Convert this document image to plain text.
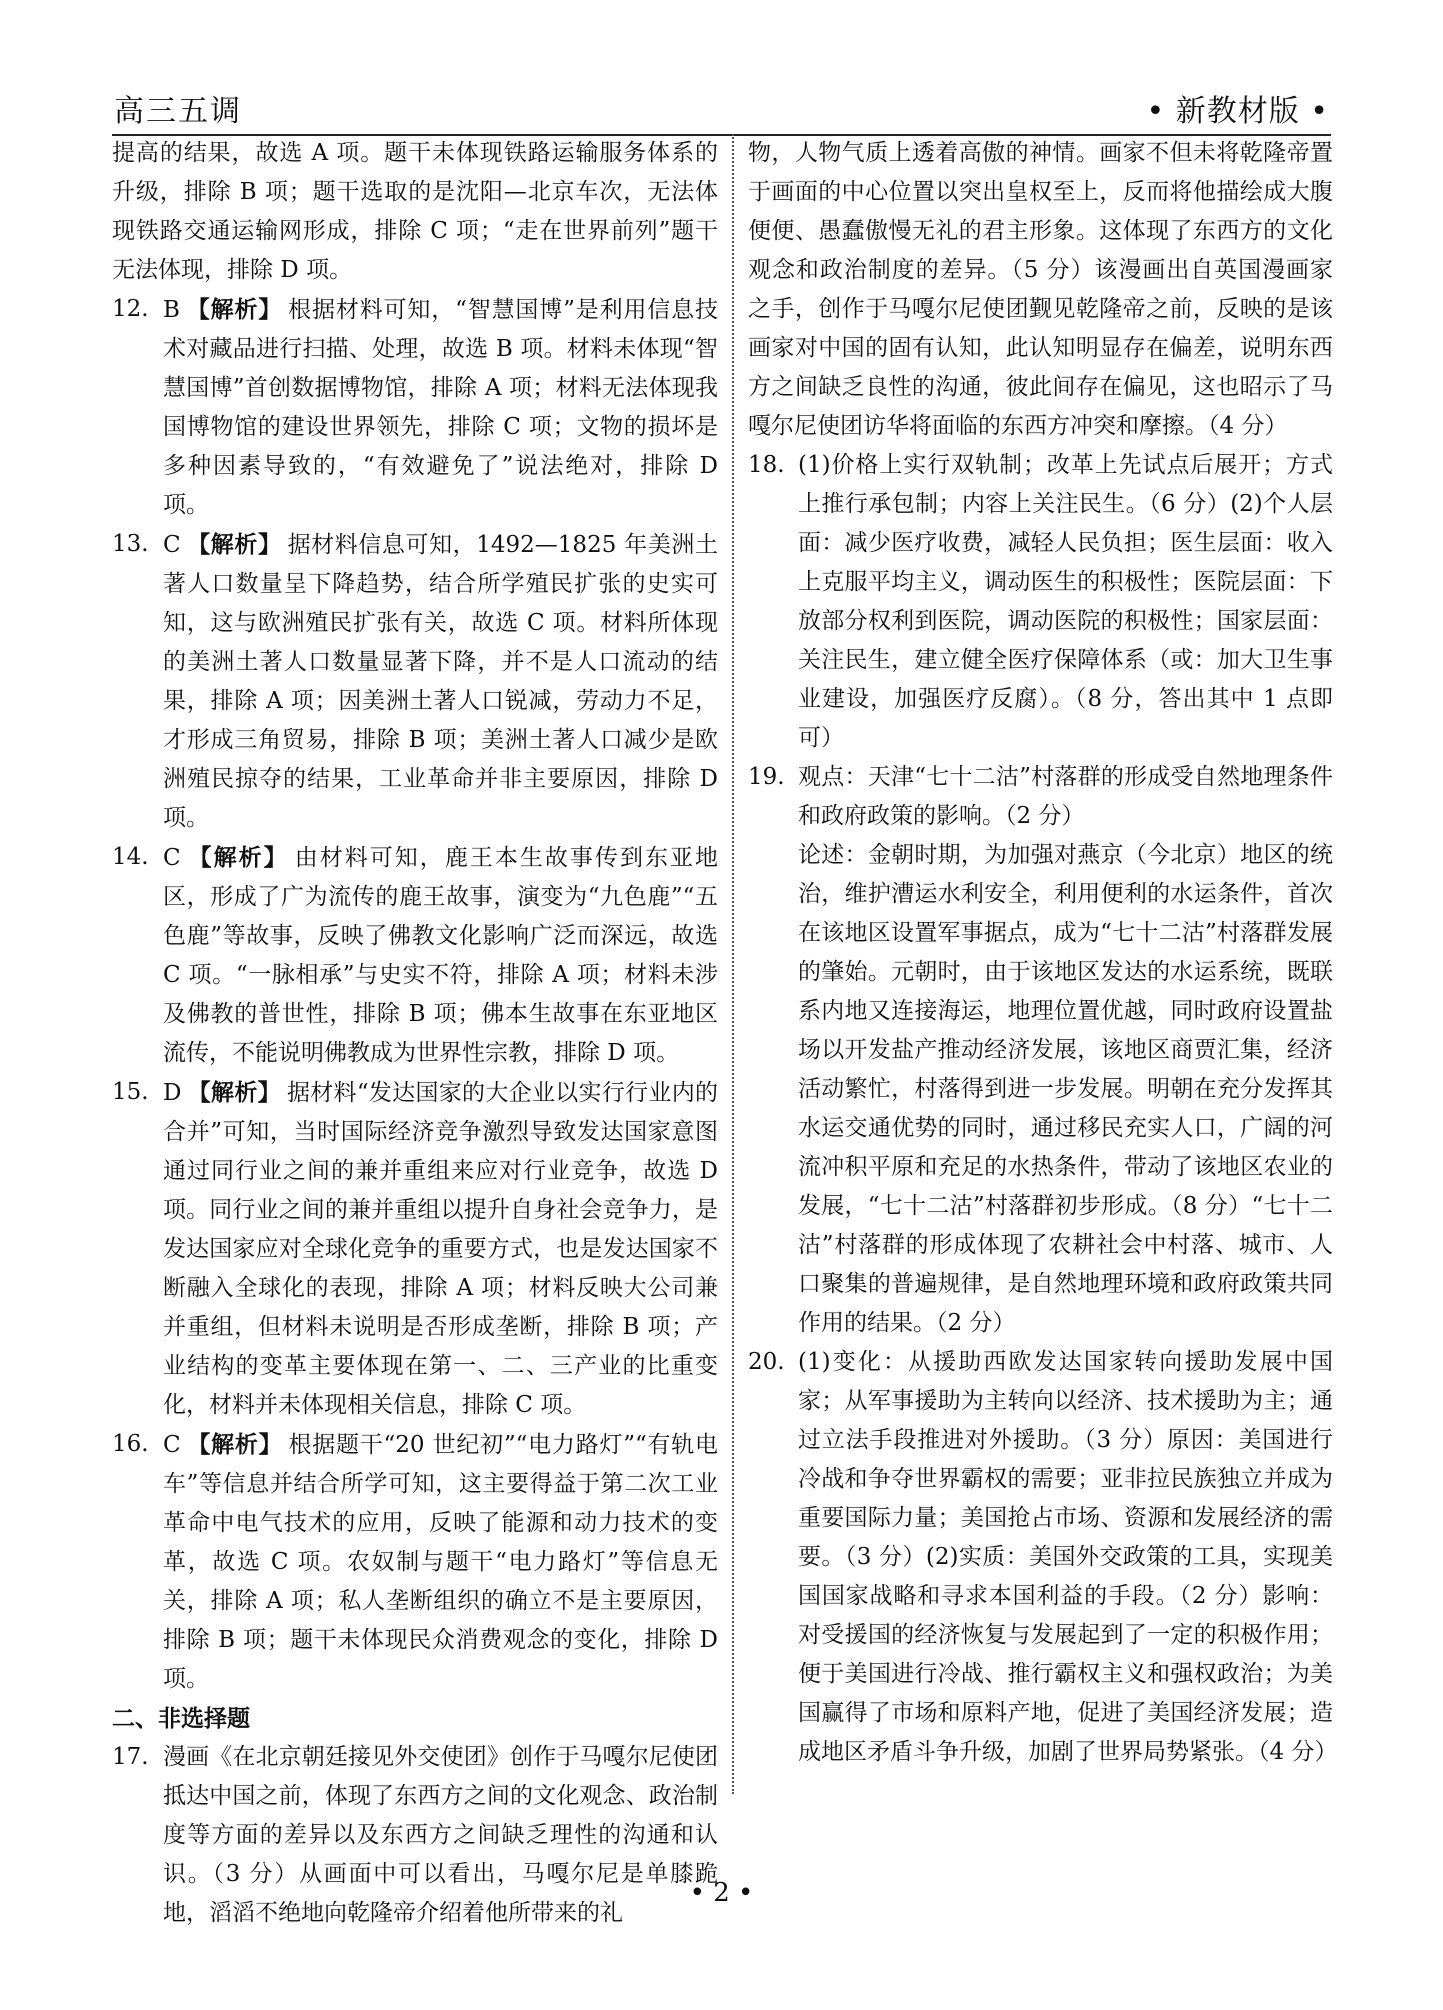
高三五调	• 新教材版 •

提高的结果，故选 A 项。题干未体现铁路运输服务体系的升级，排除 B 项；题干选取的是沈阳—北京车次，无法体现铁路交通运输网形成，排除 C 项；“走在世界前列”题干无法体现，排除 D 项。

12. B 【解析】 根据材料可知，“智慧国博”是利用信息技术对藏品进行扫描、处理，故选 B 项。材料未体现“智慧国博”首创数据博物馆，排除 A 项；材料无法体现我国博物馆的建设世界领先，排除 C 项；文物的损坏是多种因素导致的，“有效避免了”说法绝对，排除 D 项。
13. C 【解析】 据材料信息可知，1492—1825 年美洲土著人口数量呈下降趋势，结合所学殖民扩张的史实可知，这与欧洲殖民扩张有关，故选 C 项。材料所体现的美洲土著人口数量显著下降，并不是人口流动的结果，排除 A 项；因美洲土著人口锐减，劳动力不足，才形成三角贸易，排除 B 项；美洲土著人口减少是欧洲殖民掠夺的结果，工业革命并非主要原因，排除 D 项。
14. C 【解析】 由材料可知，鹿王本生故事传到东亚地区，形成了广为流传的鹿王故事，演变为“九色鹿”“五色鹿”等故事，反映了佛教文化影响广泛而深远，故选 C 项。“一脉相承”与史实不符，排除 A 项；材料未涉及佛教的普世性，排除 B 项；佛本生故事在东亚地区流传，不能说明佛教成为世界性宗教，排除 D 项。
15. D 【解析】 据材料“发达国家的大企业以实行行业内的合并”可知，当时国际经济竞争激烈导致发达国家意图通过同行业之间的兼并重组来应对行业竞争，故选 D 项。同行业之间的兼并重组以提升自身社会竞争力，是发达国家应对全球化竞争的重要方式，也是发达国家不断融入全球化的表现，排除 A 项；材料反映大公司兼并重组，但材料未说明是否形成垄断，排除 B 项；产业结构的变革主要体现在第一、二、三产业的比重变化，材料并未体现相关信息，排除 C 项。
16. C 【解析】 根据题干“20 世纪初”“电力路灯”“有轨电车”等信息并结合所学可知，这主要得益于第二次工业革命中电气技术的应用，反映了能源和动力技术的变革，故选 C 项。农奴制与题干“电力路灯”等信息无关，排除 A 项；私人垄断组织的确立不是主要原因，排除 B 项；题干未体现民众消费观念的变化，排除 D 项。

二、非选择题

17. 漫画《在北京朝廷接见外交使团》创作于马嘎尔尼使团抵达中国之前，体现了东西方之间的文化观念、政治制度等方面的差异以及东西方之间缺乏理性的沟通和认识。（3 分）从画面中可以看出，马嘎尔尼是单膝跪地，滔滔不绝地向乾隆帝介绍着他所带来的礼

物，人物气质上透着高傲的神情。画家不但未将乾隆帝置于画面的中心位置以突出皇权至上，反而将他描绘成大腹便便、愚蠢傲慢无礼的君主形象。这体现了东西方的文化观念和政治制度的差异。（5 分）该漫画出自英国漫画家之手，创作于马嘎尔尼使团觐见乾隆帝之前，反映的是该画家对中国的固有认知，此认知明显存在偏差，说明东西方之间缺乏良性的沟通，彼此间存在偏见，这也昭示了马嘎尔尼使团访华将面临的东西方冲突和摩擦。（4 分）

18. (1)价格上实行双轨制；改革上先试点后展开；方式上推行承包制；内容上关注民生。（6 分）(2)个人层面：减少医疗收费，减轻人民负担；医生层面：收入上克服平均主义，调动医生的积极性；医院层面：下放部分权利到医院，调动医院的积极性；国家层面：关注民生，建立健全医疗保障体系（或：加大卫生事业建设，加强医疗反腐）。（8 分，答出其中 1 点即可）
19. 观点：天津“七十二沽”村落群的形成受自然地理条件和政府政策的影响。（2 分）
论述：金朝时期，为加强对燕京（今北京）地区的统治，维护漕运水利安全，利用便利的水运条件，首次在该地区设置军事据点，成为“七十二沽”村落群发展的肇始。元朝时，由于该地区发达的水运系统，既联系内地又连接海运，地理位置优越，同时政府设置盐场以开发盐产推动经济发展，该地区商贾汇集，经济活动繁忙，村落得到进一步发展。明朝在充分发挥其水运交通优势的同时，通过移民充实人口，广阔的河流冲积平原和充足的水热条件，带动了该地区农业的发展，“七十二沽”村落群初步形成。（8 分）“七十二沽”村落群的形成体现了农耕社会中村落、城市、人口聚集的普遍规律，是自然地理环境和政府政策共同作用的结果。（2 分）
20. (1)变化：从援助西欧发达国家转向援助发展中国家；从军事援助为主转向以经济、技术援助为主；通过立法手段推进对外援助。（3 分）原因：美国进行冷战和争夺世界霸权的需要；亚非拉民族独立并成为重要国际力量；美国抢占市场、资源和发展经济的需要。（3 分）(2)实质：美国外交政策的工具，实现美国国家战略和寻求本国利益的手段。（2 分）影响：对受援国的经济恢复与发展起到了一定的积极作用；便于美国进行冷战、推行霸权主义和强权政治；为美国赢得了市场和原料产地，促进了美国经济发展；造成地区矛盾斗争升级，加剧了世界局势紧张。（4 分）
• 2 •
